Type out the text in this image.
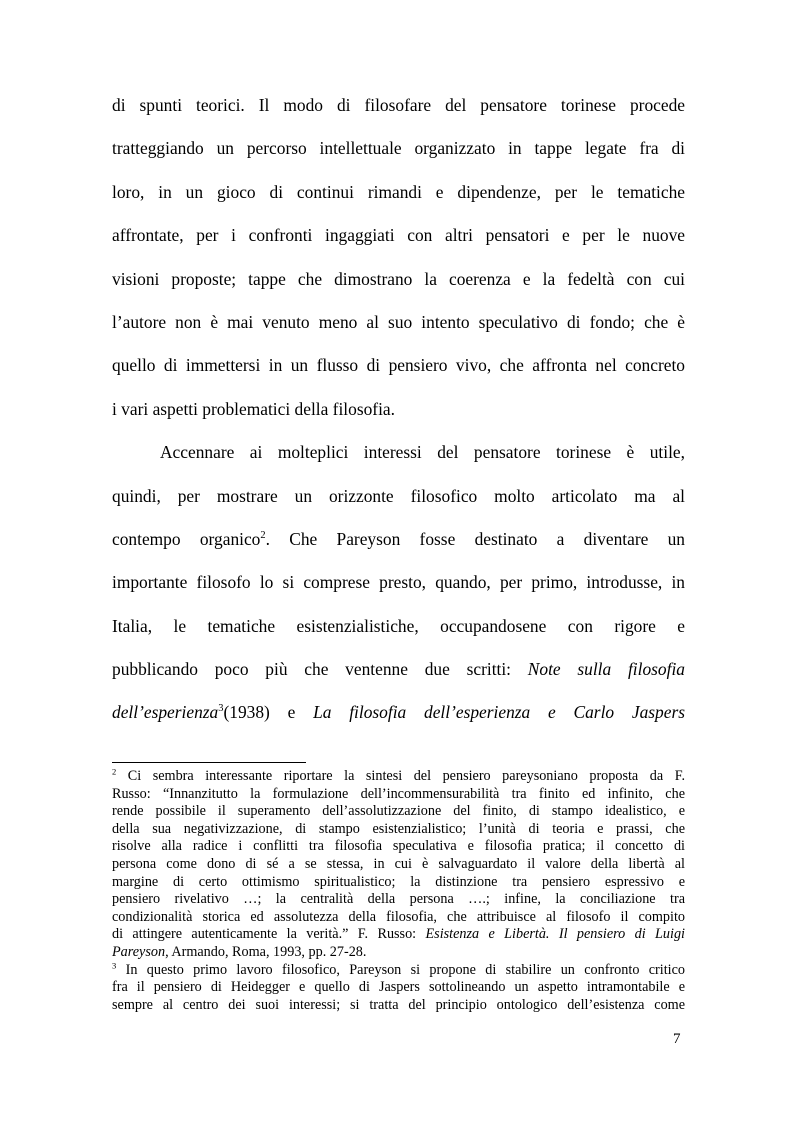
di spunti teorici. Il modo di filosofare del pensatore torinese procede
tratteggiando un percorso intellettuale organizzato in tappe legate fra di
loro, in un gioco di continui rimandi e dipendenze, per le tematiche
affrontate, per i confronti ingaggiati con altri pensatori e per le nuove
visioni proposte; tappe che dimostrano la coerenza e la fedeltà con cui
l’autore non è mai venuto meno al suo intento speculativo di fondo; che è
quello di immettersi in un flusso di pensiero vivo, che affronta nel concreto
i vari aspetti problematici della filosofia.
Accennare ai molteplici interessi del pensatore torinese è utile,
quindi, per mostrare un orizzonte filosofico molto articolato ma al
contempo organico$^2$. Che Pareyson fosse destinato a diventare un
importante filosofo lo si comprese presto, quando, per primo, introdusse, in
Italia, le tematiche esistenzialistiche, occupandosene con rigore e
pubblicando poco più che ventenne due scritti: Note sulla filosofia
dell’esperienza$^3$(1938) e La filosofia dell’esperienza e Carlo Jaspers
$^2$ Ci sembra interessante riportare la sintesi del pensiero pareysoniano proposta da F.
Russo: “Innanzitutto la formulazione dell’incommensurabilità tra finito ed infinito, che
rende possibile il superamento dell’assolutizzazione del finito, di stampo idealistico, e
della sua negativizzazione, di stampo esistenzialistico; l’unità di teoria e prassi, che
risolve alla radice i conflitti tra filosofia speculativa e filosofia pratica; il concetto di
persona come dono di sé a se stessa, in cui è salvaguardato il valore della libertà al
margine di certo ottimismo spiritualistico; la distinzione tra pensiero espressivo e
pensiero rivelativo …; la centralità della persona ….; infine, la conciliazione tra
condizionalità storica ed assolutezza della filosofia, che attribuisce al filosofo il compito
di attingere autenticamente la verità.” F. Russo: Esistenza e Libertà. Il pensiero di Luigi
Pareyson, Armando, Roma, 1993, pp. 27-28.
$^3$ In questo primo lavoro filosofico, Pareyson si propone di stabilire un confronto critico
fra il pensiero di Heidegger e quello di Jaspers sottolineando un aspetto intramontabile e
sempre al centro dei suoi interessi; si tratta del principio ontologico dell’esistenza come
7
